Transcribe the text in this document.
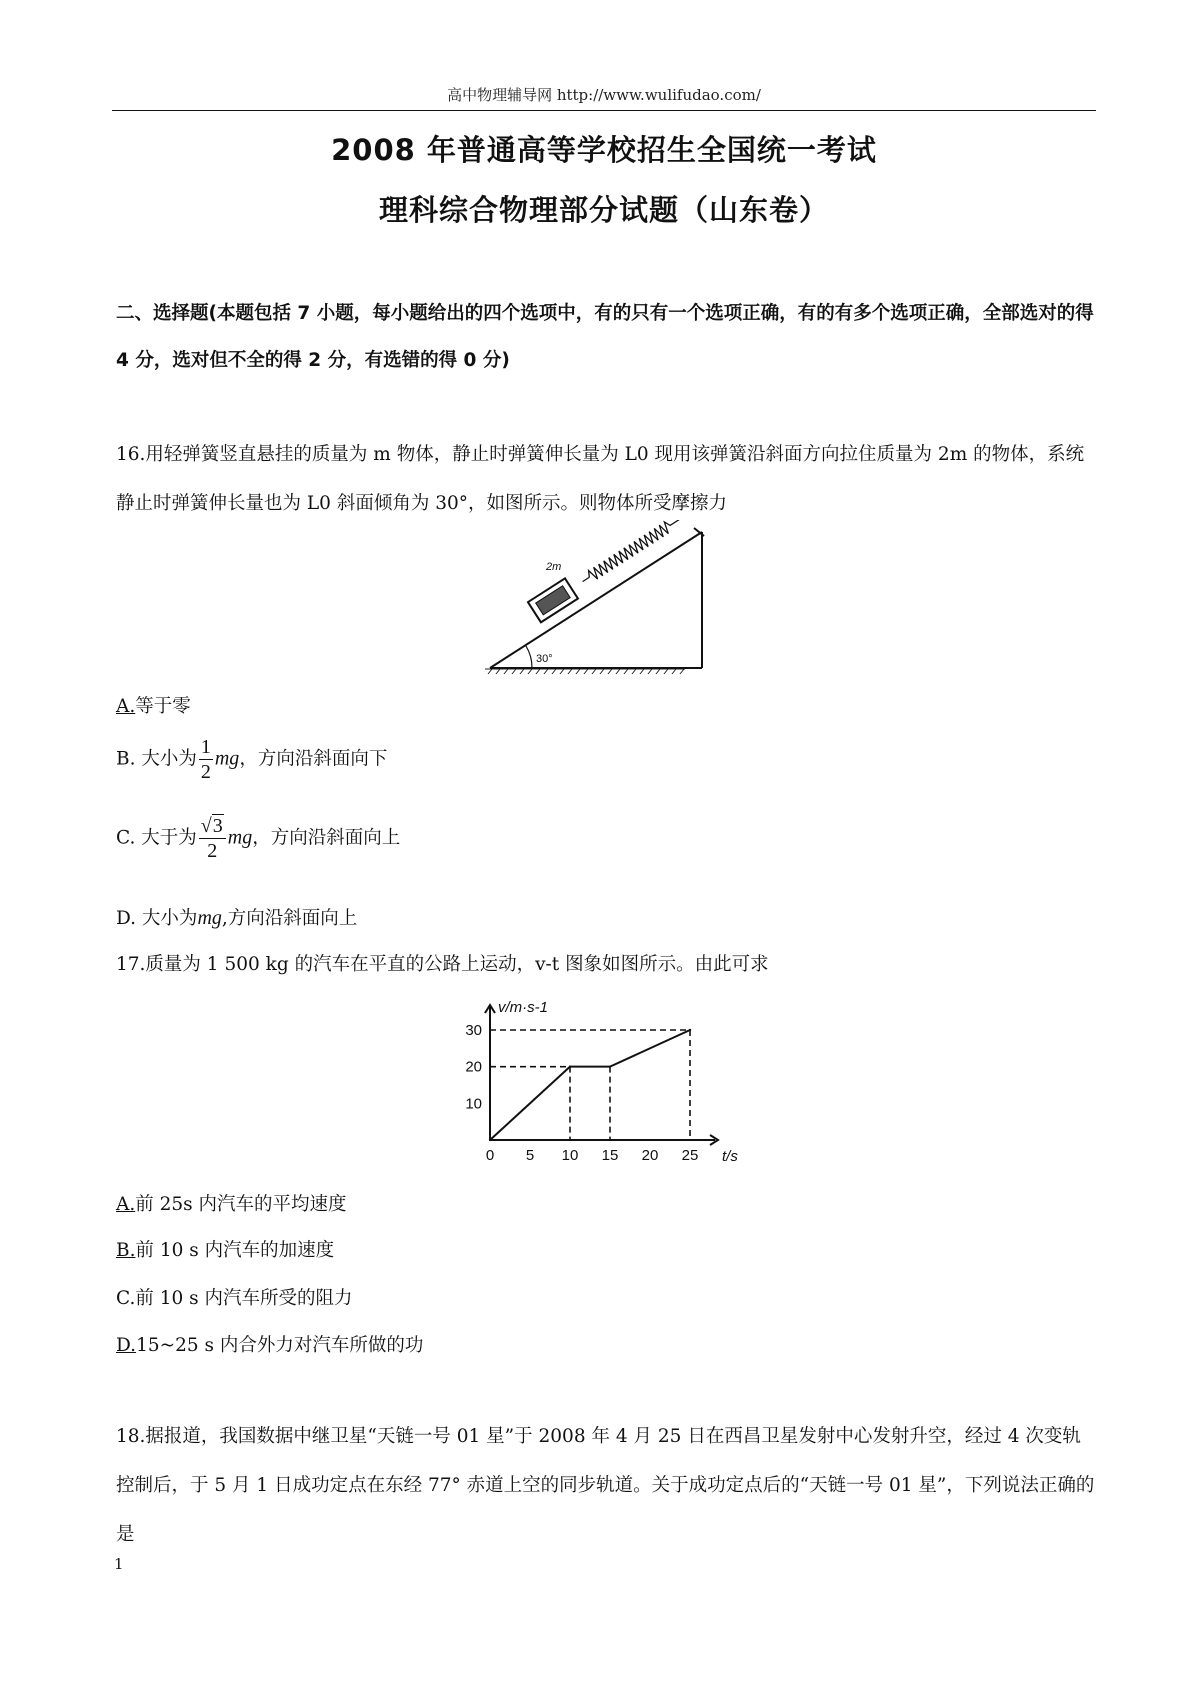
高中物理辅导网 http://www.wulifudao.com/
2008 年普通高等学校招生全国统一考试
理科综合物理部分试题（山东卷）
二、选择题(本题包括 7 小题，每小题给出的四个选项中，有的只有一个选项正确，有的有多个选项正确，全部选对的得 4 分，选对但不全的得 2 分，有选错的得 0 分)
16.用轻弹簧竖直悬挂的质量为 m 物体，静止时弹簧伸长量为 L0 现用该弹簧沿斜面方向拉住质量为 2m 的物体，系统静止时弹簧伸长量也为 L0 斜面倾角为 30°，如图所示。则物体所受摩擦力
30°
2m
A.等于零
B. 大小为 $\frac{1}{2}$ mg，方向沿斜面向下
C. 大于为 $\frac{√3}{2}$ mg，方向沿斜面向上
D. 大小为mg,方向沿斜面向上
17.质量为 1 500 kg 的汽车在平直的公路上运动，v-t 图象如图所示。由此可求
0 5 10 15 20 25
10
20
30
v/m·s-1
t/s
A.前 25s 内汽车的平均速度
B.前 10 s 内汽车的加速度
C.前 10 s 内汽车所受的阻力
D.15~25 s 内合外力对汽车所做的功
18.据报道，我国数据中继卫星“天链一号 01 星”于 2008 年 4 月 25 日在西昌卫星发射中心发射升空，经过 4 次变轨控制后，于 5 月 1 日成功定点在东经 77° 赤道上空的同步轨道。关于成功定点后的“天链一号 01 星”，下列说法正确的是
1
